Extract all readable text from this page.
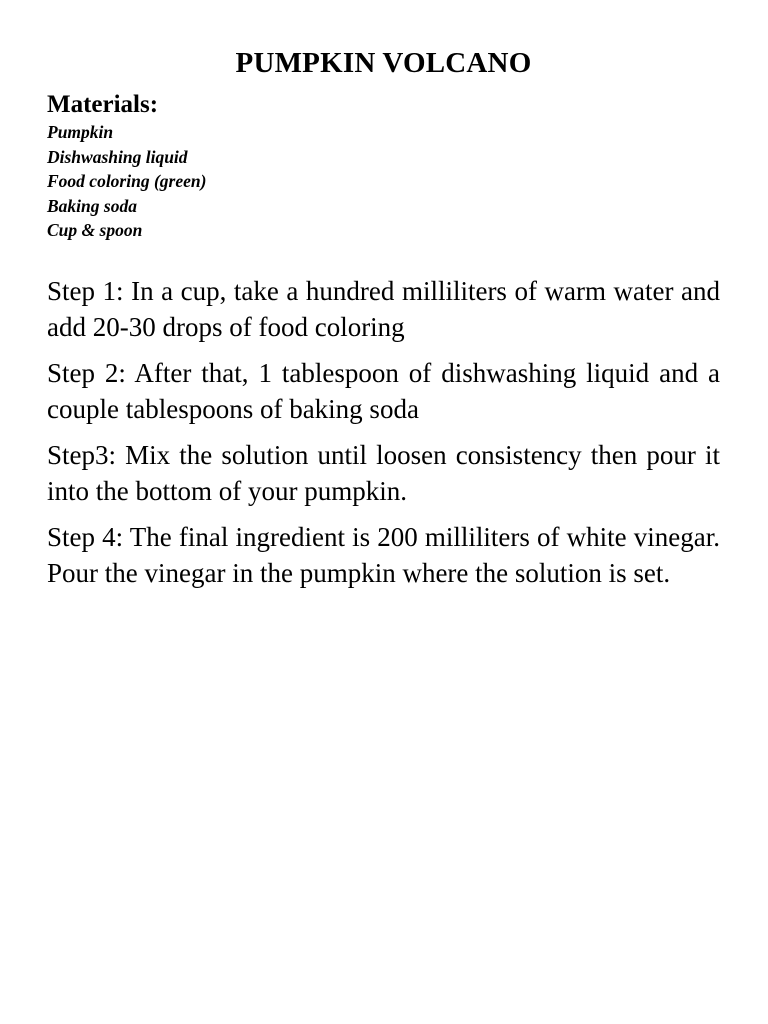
PUMPKIN VOLCANO
Materials:
Pumpkin
Dishwashing liquid
Food coloring (green)
Baking soda
Cup & spoon

Step 1: In a cup, take a hundred milliliters of warm water and add 20-30 drops of food coloring

Step 2: After that, 1 tablespoon of dishwashing liquid and a couple tablespoons of baking soda

Step3: Mix the solution until loosen consistency then pour it into the bottom of your pumpkin.

Step 4: The final ingredient is 200 milliliters of white vinegar. Pour the vinegar in the pumpkin where the solution is set.
